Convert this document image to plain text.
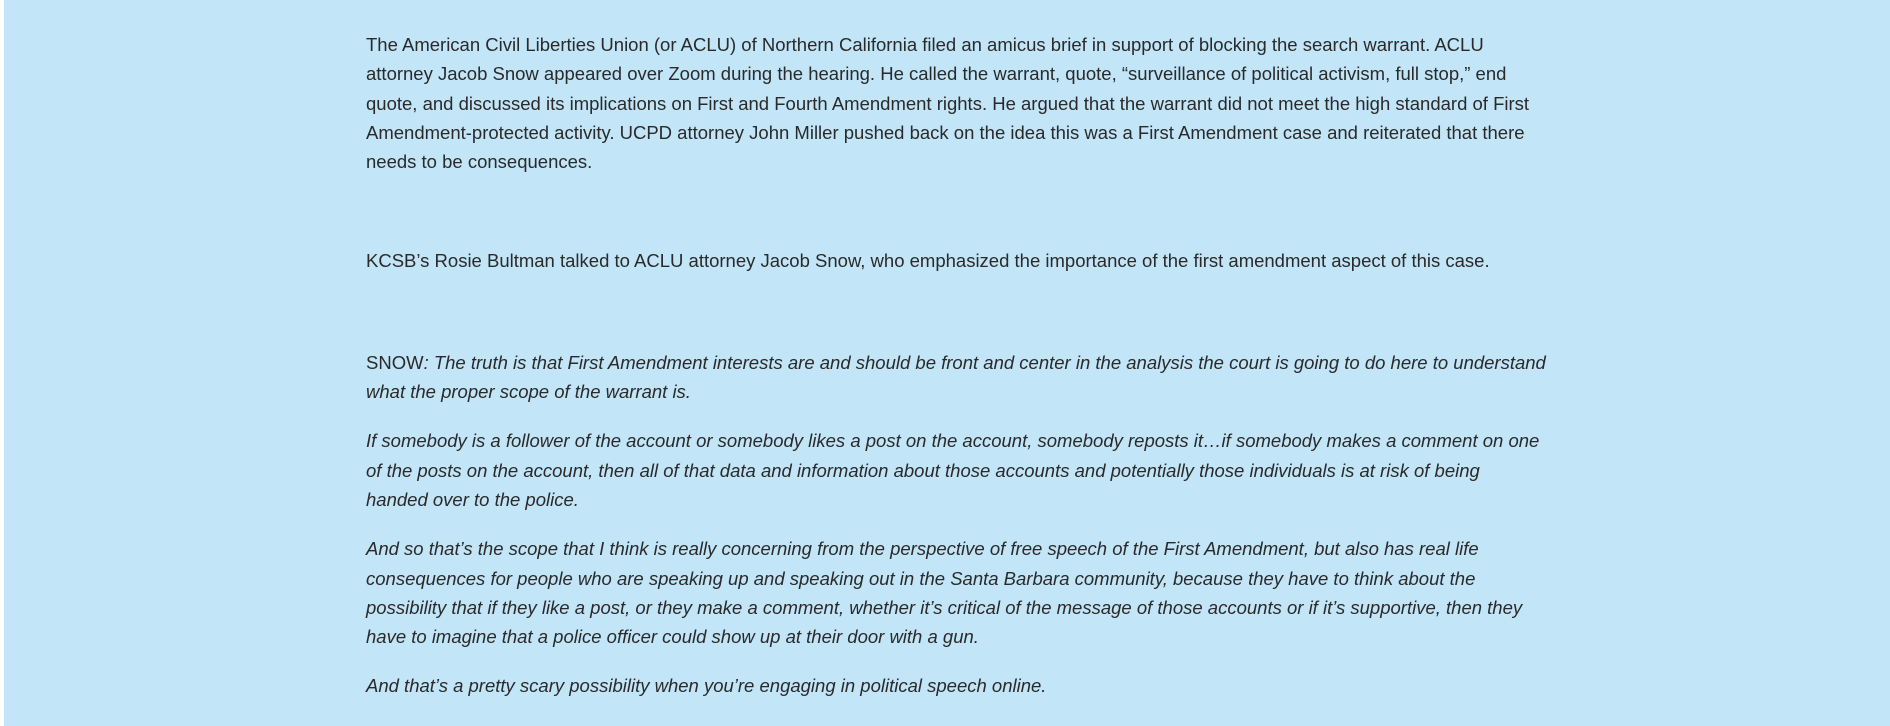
The American Civil Liberties Union (or ACLU) of Northern California filed an amicus brief in support of blocking the search warrant. ACLU attorney Jacob Snow appeared over Zoom during the hearing. He called the warrant, quote, “surveillance of political activism, full stop,” end quote, and discussed its implications on First and Fourth Amendment rights. He argued that the warrant did not meet the high standard of First Amendment-protected activity. UCPD attorney John Miller pushed back on the idea this was a First Amendment case and reiterated that there needs to be consequences.

KCSB’s Rosie Bultman talked to ACLU attorney Jacob Snow, who emphasized the importance of the first amendment aspect of this case.

SNOW: The truth is that First Amendment interests are and should be front and center in the analysis the court is going to do here to understand what the proper scope of the warrant is.

If somebody is a follower of the account or somebody likes a post on the account, somebody reposts it…if somebody makes a comment on one of the posts on the account, then all of that data and information about those accounts and potentially those individuals is at risk of being handed over to the police.

And so that’s the scope that I think is really concerning from the perspective of free speech of the First Amendment, but also has real life consequences for people who are speaking up and speaking out in the Santa Barbara community, because they have to think about the possibility that if they like a post, or they make a comment, whether it’s critical of the message of those accounts or if it’s supportive, then they have to imagine that a police officer could show up at their door with a gun.

And that’s a pretty scary possibility when you’re engaging in political speech online.
